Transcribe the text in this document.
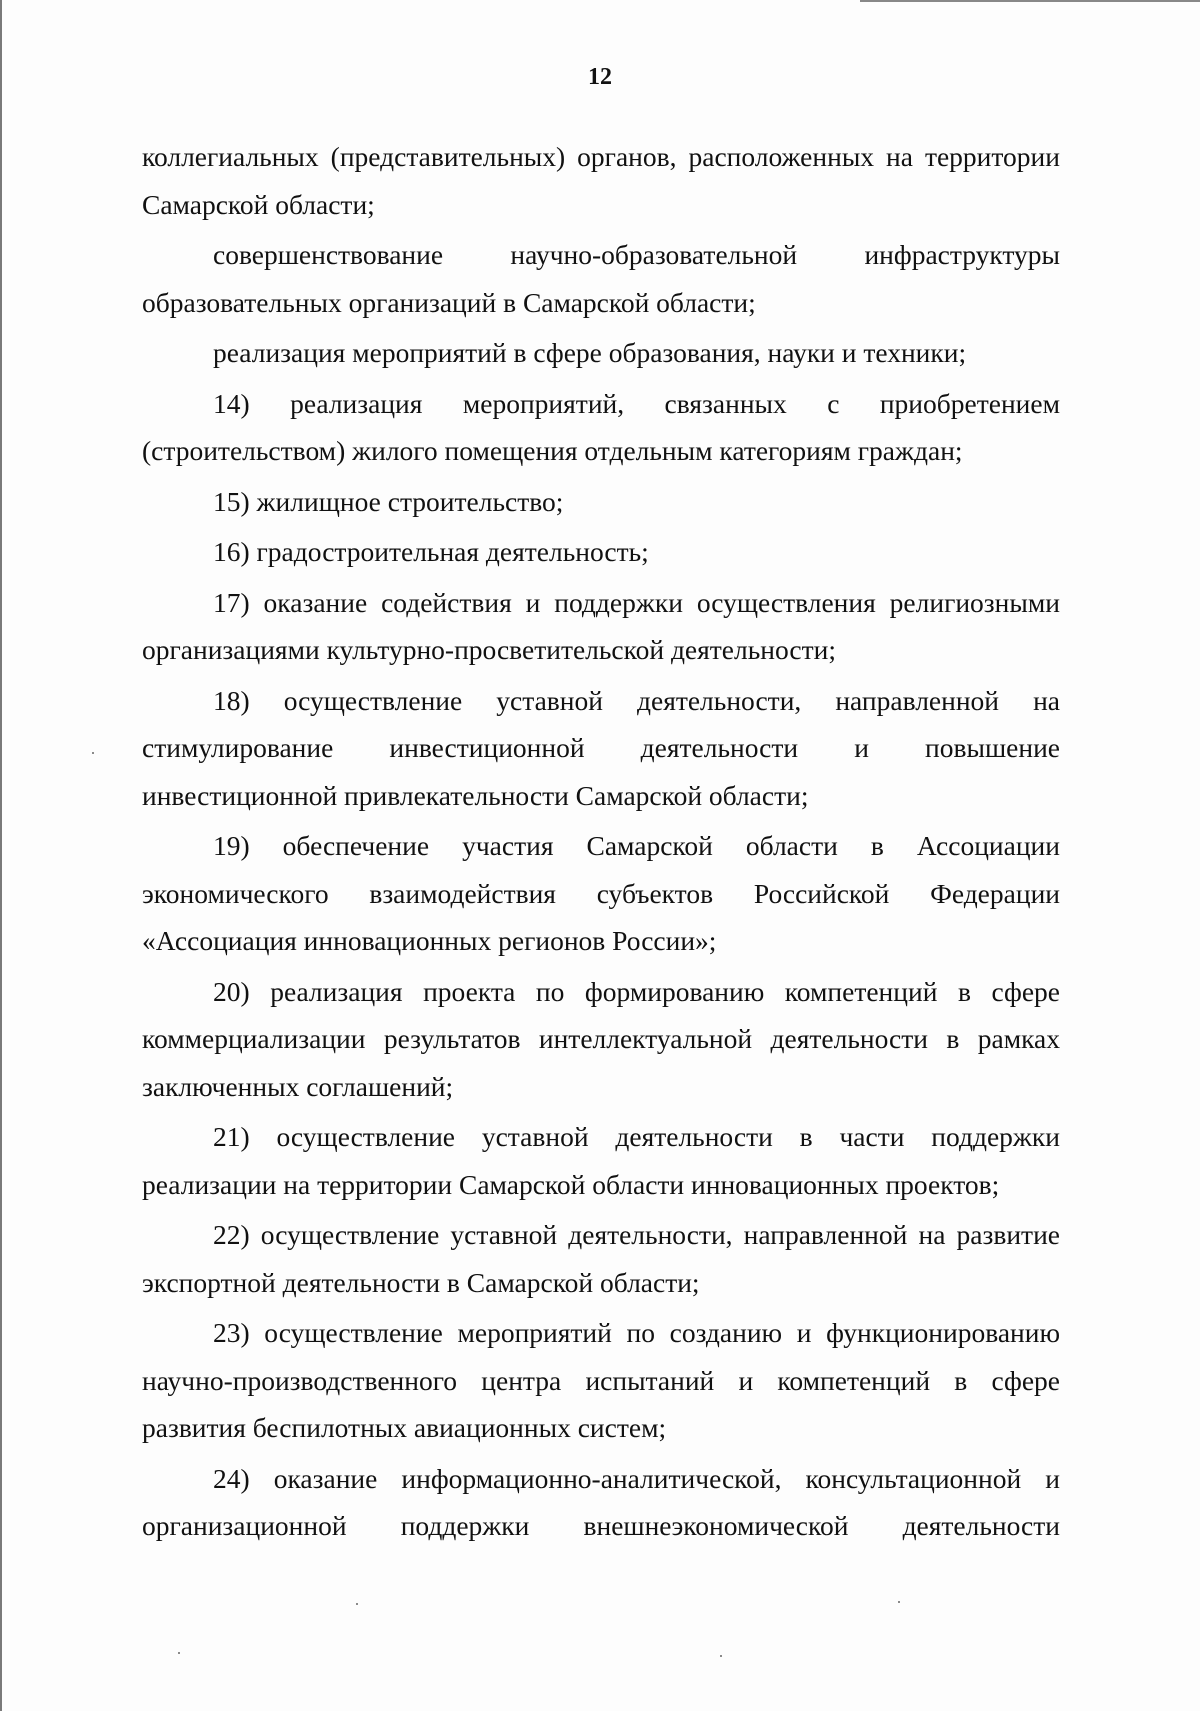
12

коллегиальных (представительных) органов, расположенных на территории Самарской области;

совершенствование научно-образовательной инфраструктуры образовательных организаций в Самарской области;

реализация мероприятий в сфере образования, науки и техники;

14) реализация мероприятий, связанных с приобретением (строительством) жилого помещения отдельным категориям граждан;

15) жилищное строительство;

16) градостроительная деятельность;

17) оказание содействия и поддержки осуществления религиозными организациями культурно-просветительской деятельности;

18) осуществление уставной деятельности, направленной на стимулирование инвестиционной деятельности и повышение инвестиционной привлекательности Самарской области;

19) обеспечение участия Самарской области в Ассоциации экономического взаимодействия субъектов Российской Федерации «Ассоциация инновационных регионов России»;

20) реализация проекта по формированию компетенций в сфере коммерциализации результатов интеллектуальной деятельности в рамках заключенных соглашений;

21) осуществление уставной деятельности в части поддержки реализации на территории Самарской области инновационных проектов;

22) осуществление уставной деятельности, направленной на развитие экспортной деятельности в Самарской области;

23) осуществление мероприятий по созданию и функционированию научно-производственного центра испытаний и компетенций в сфере развития беспилотных авиационных систем;

24) оказание информационно-аналитической, консультационной и организационной поддержки внешнеэкономической деятельности
